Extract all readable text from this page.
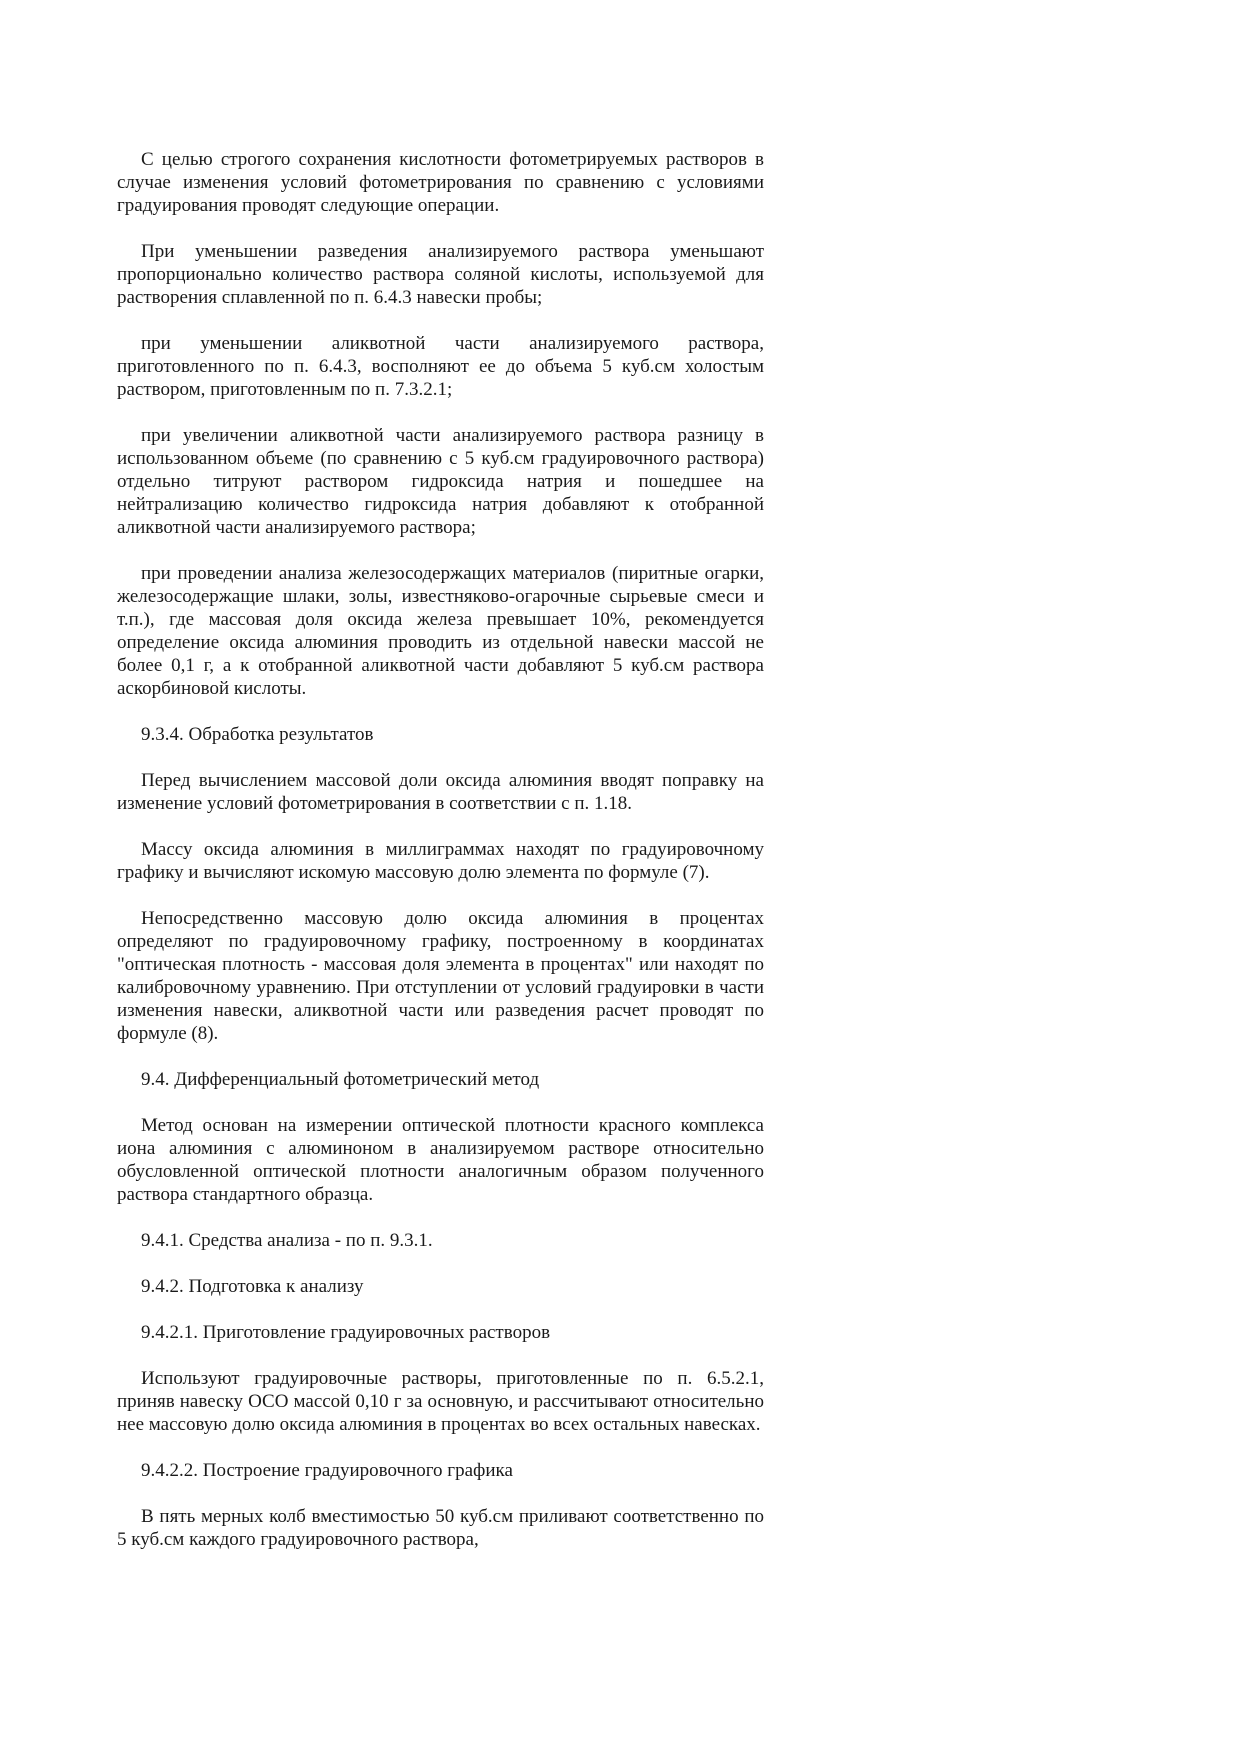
С целью строгого сохранения кислотности фотометрируемых растворов в случае изменения условий фотометрирования по сравнению с условиями градуирования проводят следующие операции.

При уменьшении разведения анализируемого раствора уменьшают пропорционально количество раствора соляной кислоты, используемой для растворения сплавленной по п. 6.4.3 навески пробы;

при уменьшении аликвотной части анализируемого раствора, приготовленного по п. 6.4.3, восполняют ее до объема 5 куб.см холостым раствором, приготовленным по п. 7.3.2.1;

при увеличении аликвотной части анализируемого раствора разницу в использованном объеме (по сравнению с 5 куб.см градуировочного раствора) отдельно титруют раствором гидроксида натрия и пошедшее на нейтрализацию количество гидроксида натрия добавляют к отобранной аликвотной части анализируемого раствора;

при проведении анализа железосодержащих материалов (пиритные огарки, железосодержащие шлаки, золы, известняково-огарочные сырьевые смеси и т.п.), где массовая доля оксида железа превышает 10%, рекомендуется определение оксида алюминия проводить из отдельной навески массой не более 0,1 г, а к отобранной аликвотной части добавляют 5 куб.см раствора аскорбиновой кислоты.

9.3.4. Обработка результатов

Перед вычислением массовой доли оксида алюминия вводят поправку на изменение условий фотометрирования в соответствии с п. 1.18.

Массу оксида алюминия в миллиграммах находят по градуировочному графику и вычисляют искомую массовую долю элемента по формуле (7).

Непосредственно массовую долю оксида алюминия в процентах определяют по градуировочному графику, построенному в координатах "оптическая плотность - массовая доля элемента в процентах" или находят по калибровочному уравнению. При отступлении от условий градуировки в части изменения навески, аликвотной части или разведения расчет проводят по формуле (8).

9.4. Дифференциальный фотометрический метод

Метод основан на измерении оптической плотности красного комплекса иона алюминия с алюминоном в анализируемом растворе относительно обусловленной оптической плотности аналогичным образом полученного раствора стандартного образца.

9.4.1. Средства анализа - по п. 9.3.1.

9.4.2. Подготовка к анализу

9.4.2.1. Приготовление градуировочных растворов

Используют градуировочные растворы, приготовленные по п. 6.5.2.1, приняв навеску ОСО массой 0,10 г за основную, и рассчитывают относительно нее массовую долю оксида алюминия в процентах во всех остальных навесках.

9.4.2.2. Построение градуировочного графика

В пять мерных колб вместимостью 50 куб.см приливают соответственно по 5 куб.см каждого градуировочного раствора,
